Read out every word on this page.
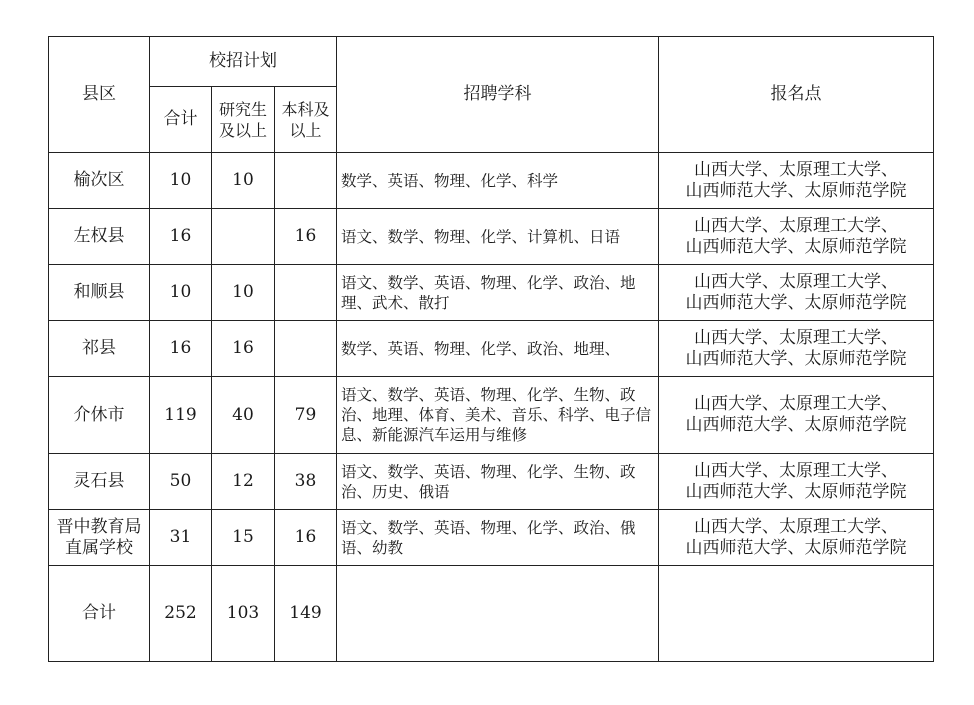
县区	校招计划			招聘学科	报名点
	合计	研究生及以上	本科及以上		
榆次区	10	10		数学、英语、物理、化学、科学	山西大学、太原理工大学、
山西师范大学、太原师范学院
左权县	16		16	语文、数学、物理、化学、计算机、日语	山西大学、太原理工大学、
山西师范大学、太原师范学院
和顺县	10	10		语文、数学、英语、物理、化学、政治、地理、武术、散打	山西大学、太原理工大学、
山西师范大学、太原师范学院
祁县	16	16		数学、英语、物理、化学、政治、地理、	山西大学、太原理工大学、
山西师范大学、太原师范学院
介休市	119	40	79	语文、数学、英语、物理、化学、生物、政治、地理、体育、美术、音乐、科学、电子信息、新能源汽车运用与维修	山西大学、太原理工大学、
山西师范大学、太原师范学院
灵石县	50	12	38	语文、数学、英语、物理、化学、生物、政治、历史、俄语	山西大学、太原理工大学、
山西师范大学、太原师范学院
晋中教育局直属学校	31	15	16	语文、数学、英语、物理、化学、政治、俄语、幼教	山西大学、太原理工大学、
山西师范大学、太原师范学院
合计	252	103	149		
